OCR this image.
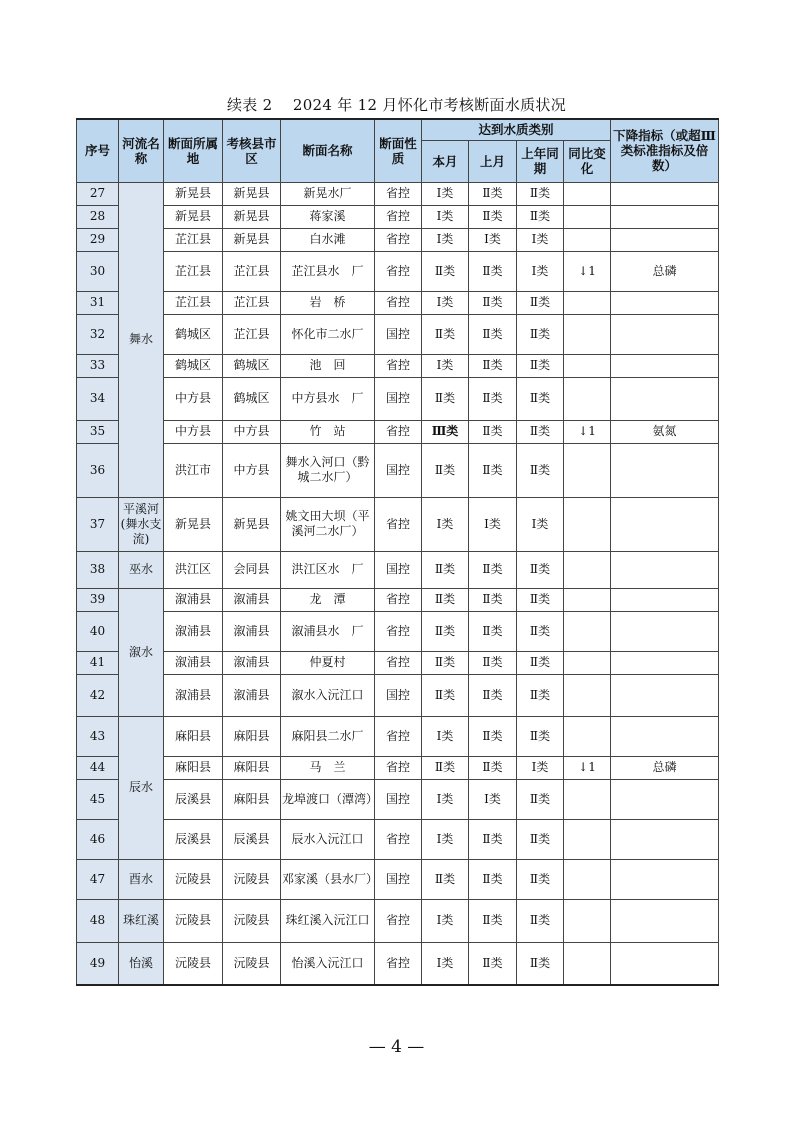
续表 2　 2024 年 12 月怀化市考核断面水质状况
序号	河流名称	断面所属地	考核县市区	断面名称	断面性质	达到水质类别				下降指标（或超Ⅲ类标准指标及倍数）
						本月	上月	上年同期	同比变化	
27	舞水	新晃县	新晃县	新晃水厂	省控	Ⅰ类	Ⅱ类	Ⅱ类		
28		新晃县	新晃县	蒋家溪	省控	Ⅰ类	Ⅱ类	Ⅱ类		
29		芷江县	新晃县	白水滩	省控	Ⅰ类	Ⅰ类	Ⅰ类		
30		芷江县	芷江县	芷江县水　厂	省控	Ⅱ类	Ⅱ类	Ⅰ类	↓1	总磷
31		芷江县	芷江县	岩　桥	省控	Ⅰ类	Ⅱ类	Ⅱ类		
32		鹤城区	芷江县	怀化市二水厂	国控	Ⅱ类	Ⅱ类	Ⅱ类		
33		鹤城区	鹤城区	池　回	省控	Ⅰ类	Ⅱ类	Ⅱ类		
34		中方县	鹤城区	中方县水　厂	国控	Ⅱ类	Ⅱ类	Ⅱ类		
35		中方县	中方县	竹　站	省控	Ⅲ类	Ⅱ类	Ⅱ类	↓1	氨氮
36		洪江市	中方县	舞水入河口（黔城二水厂）	国控	Ⅱ类	Ⅱ类	Ⅱ类		
37	平溪河(舞水支流)	新晃县	新晃县	姚文田大坝（平溪河二水厂）	省控	Ⅰ类	Ⅰ类	Ⅰ类		
38	巫水	洪江区	会同县	洪江区水　厂	国控	Ⅱ类	Ⅱ类	Ⅱ类		
39	溆水	溆浦县	溆浦县	龙　潭	省控	Ⅱ类	Ⅱ类	Ⅱ类		
40		溆浦县	溆浦县	溆浦县水　厂	省控	Ⅱ类	Ⅱ类	Ⅱ类		
41		溆浦县	溆浦县	仲夏村	省控	Ⅱ类	Ⅱ类	Ⅱ类		
42		溆浦县	溆浦县	溆水入沅江口	国控	Ⅱ类	Ⅱ类	Ⅱ类		
43	辰水	麻阳县	麻阳县	麻阳县二水厂	省控	Ⅰ类	Ⅱ类	Ⅱ类		
44		麻阳县	麻阳县	马　兰	省控	Ⅱ类	Ⅱ类	Ⅰ类	↓1	总磷
45		辰溪县	麻阳县	龙埠渡口（潭湾）	国控	Ⅰ类	Ⅰ类	Ⅱ类		
46		辰溪县	辰溪县	辰水入沅江口	省控	Ⅰ类	Ⅱ类	Ⅱ类		
47	酉水	沅陵县	沅陵县	邓家溪（县水厂）	国控	Ⅱ类	Ⅱ类	Ⅱ类		
48	珠红溪	沅陵县	沅陵县	珠红溪入沅江口	省控	Ⅰ类	Ⅱ类	Ⅱ类		
49	怡溪	沅陵县	沅陵县	怡溪入沅江口	省控	Ⅰ类	Ⅱ类	Ⅱ类		
— 4 —
